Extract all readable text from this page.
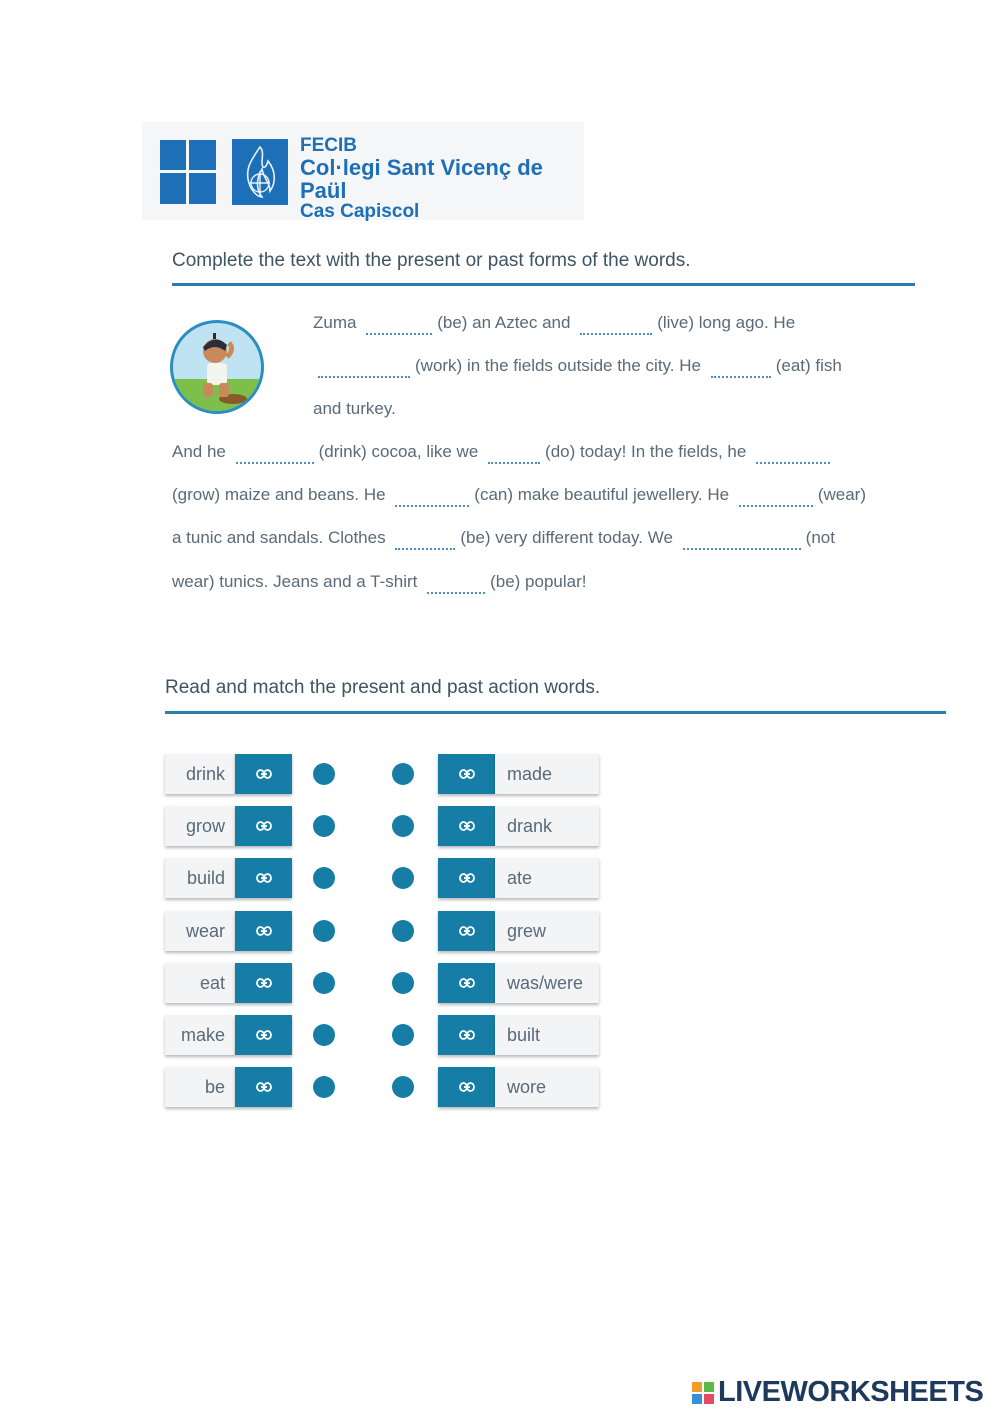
FECIB
Col·legi Sant Vicenç de Paül
Cas Capiscol
Complete the text with the present or past forms of the words.
Zuma	(be) an Aztec and	(live) long ago. He
(work) in the fields outside the city. He	(eat) fish
and turkey.
And he	(drink) cocoa, like we	(do) today! In the fields, he
(grow) maize and beans. He	(can) make beautiful jewellery. He	(wear)
a tunic and sandals. Clothes	(be) very different today. We	(not
wear) tunics. Jeans and a T-shirt	(be) popular!
Read and match the present and past action words.
drink	made
grow	drank
build	ate
wear	grew
eat	was/were
make	built
be	wore
LIVEWORKSHEETS
